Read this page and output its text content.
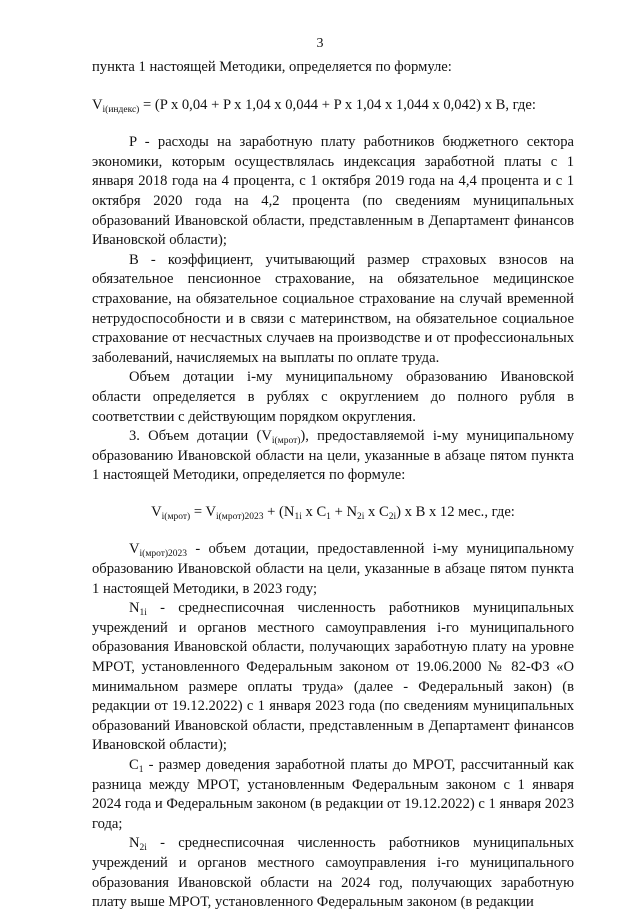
3

пункта 1 настоящей Методики, определяется по формуле:

$V_{i(индекс)} = (P$ x 0,04 + P x 1,04 x 0,044 + P x 1,04 x 1,044 x 0,042) x B, где:

P - расходы на заработную плату работников бюджетного сектора экономики, которым осуществлялась индексация заработной платы с 1 января 2018 года на 4 процента, с 1 октября 2019 года на 4,4 процента и с 1 октября 2020 года на 4,2 процента (по сведениям муниципальных образований Ивановской области, представленным в Департамент финансов Ивановской области);

B - коэффициент, учитывающий размер страховых взносов на обязательное пенсионное страхование, на обязательное медицинское страхование, на обязательное социальное страхование на случай временной нетрудоспособности и в связи с материнством, на обязательное социальное страхование от несчастных случаев на производстве и от профессиональных заболеваний, начисляемых на выплаты по оплате труда.

Объем дотации i-му муниципальному образованию Ивановской области определяется в рублях с округлением до полного рубля в соответствии с действующим порядком округления.

3. Объем дотации $(V_{i(мрот)})$, предоставляемой i-му муниципальному образованию Ивановской области на цели, указанные в абзаце пятом пункта 1 настоящей Методики, определяется по формуле:

$V_{i(мрот)} = V_{i(мрот)2023} + (N_{1i}$ x $C_1 + N_{2i}$ x $C_{2i}$) x B x 12 мес., где:

$V_{i(мрот)2023}$ - объем дотации, предоставленной i-му муниципальному образованию Ивановской области на цели, указанные в абзаце пятом пункта 1 настоящей Методики, в 2023 году;

$N_{1i}$ - среднесписочная численность работников муниципальных учреждений и органов местного самоуправления i-го муниципального образования Ивановской области, получающих заработную плату на уровне МРОТ, установленного Федеральным законом от 19.06.2000 № 82-ФЗ «О минимальном размере оплаты труда» (далее - Федеральный закон) (в редакции от 19.12.2022) с 1 января 2023 года (по сведениям муниципальных образований Ивановской области, представленным в Департамент финансов Ивановской области);

$C_1$ - размер доведения заработной платы до МРОТ, рассчитанный как разница между МРОТ, установленным Федеральным законом с 1 января 2024 года и Федеральным законом (в редакции от 19.12.2022) с 1 января 2023 года;

$N_{2i}$ - среднесписочная численность работников муниципальных учреждений и органов местного самоуправления i-го муниципального образования Ивановской области на 2024 год, получающих заработную плату выше МРОТ, установленного Федеральным законом (в редакции
